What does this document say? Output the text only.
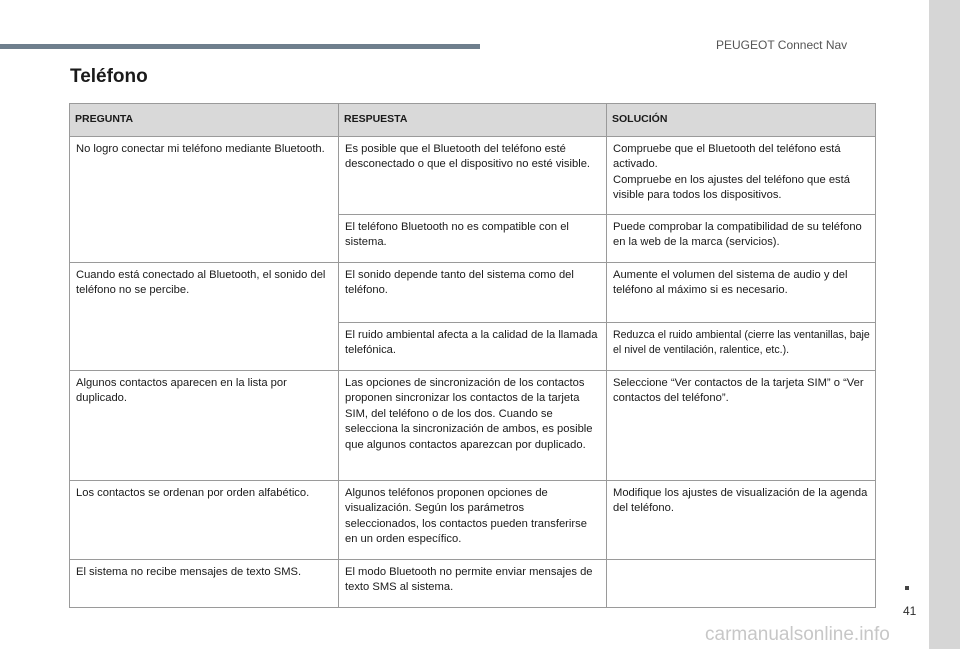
PEUGEOT Connect Nav
Teléfono
PREGUNTA	RESPUESTA	SOLUCIÓN
No logro conectar mi teléfono mediante Bluetooth.	Es posible que el Bluetooth del teléfono esté desconectado o que el dispositivo no esté visible.	Compruebe que el Bluetooth del teléfono está activado.
Compruebe en los ajustes del teléfono que está visible para todos los dispositivos.

	El teléfono Bluetooth no es compatible con el sistema.	Puede comprobar la compatibilidad de su teléfono en la web de la marca (servicios).
Cuando está conectado al Bluetooth, el sonido del teléfono no se percibe.	El sonido depende tanto del sistema como del teléfono.	Aumente el volumen del sistema de audio y del teléfono al máximo si es necesario.
	El ruido ambiental afecta a la calidad de la llamada telefónica.	Reduzca el ruido ambiental (cierre las ventanillas, baje el nivel de ventilación, ralentice, etc.).
Algunos contactos aparecen en la lista por duplicado.	Las opciones de sincronización de los contactos proponen sincronizar los contactos de la tarjeta SIM, del teléfono o de los dos. Cuando se selecciona la sincronización de ambos, es posible que algunos contactos aparezcan por duplicado.	Seleccione “Ver contactos de la tarjeta SIM” o “Ver contactos del teléfono”.
Los contactos se ordenan por orden alfabético.	Algunos teléfonos proponen opciones de visualización. Según los parámetros seleccionados, los contactos pueden transferirse en un orden específico.	Modifique los ajustes de visualización de la agenda del teléfono.
El sistema no recibe mensajes de texto SMS.	El modo Bluetooth no permite enviar mensajes de texto SMS al sistema.	
41
carmanualsonline.info
